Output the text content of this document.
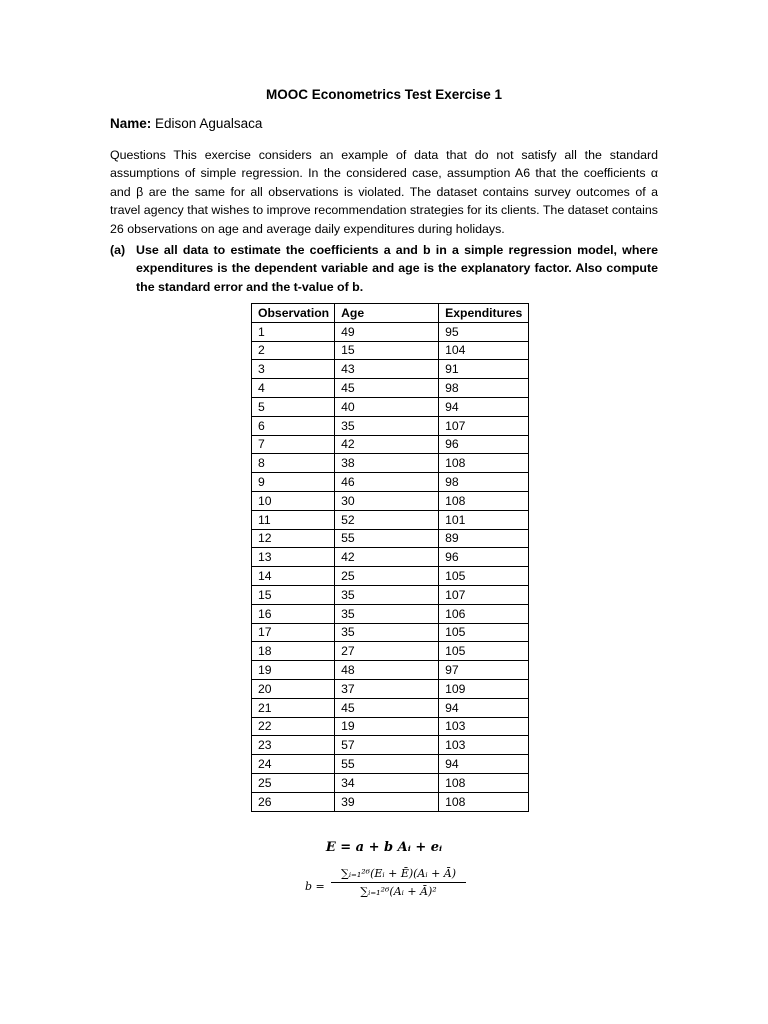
MOOC Econometrics Test Exercise 1
Name: Edison Agualsaca
Questions This exercise considers an example of data that do not satisfy all the standard assumptions of simple regression. In the considered case, assumption A6 that the coefficients α and β are the same for all observations is violated. The dataset contains survey outcomes of a travel agency that wishes to improve recommendation strategies for its clients. The dataset contains 26 observations on age and average daily expenditures during holidays.
(a) Use all data to estimate the coefficients a and b in a simple regression model, where expenditures is the dependent variable and age is the explanatory factor. Also compute the standard error and the t-value of b.
Observation	Age	Expenditures
1	49	95
2	15	104
3	43	91
4	45	98
5	40	94
6	35	107
7	42	96
8	38	108
9	46	98
10	30	108
11	52	101
12	55	89
13	42	96
14	25	105
15	35	107
16	35	106
17	35	105
18	27	105
19	48	97
20	37	109
21	45	94
22	19	103
23	57	103
24	55	94
25	34	108
26	39	108
E = a + b Aᵢ + eᵢ
$b = \frac{\text{∑ᵢ₌₁²⁶(Eᵢ + Ē)(Aᵢ + Ā)}}{\text{∑ᵢ₌₁²⁶(Aᵢ + Ā)²}}$
